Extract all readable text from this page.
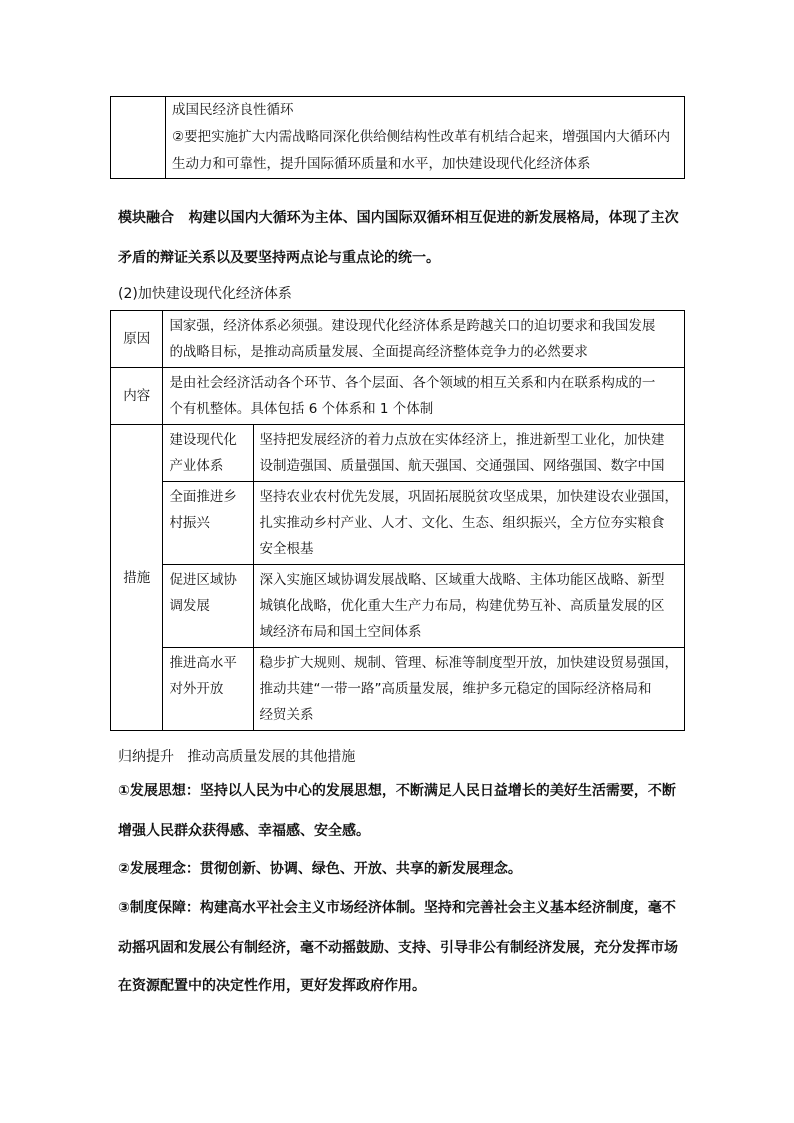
成国民经济良性循环
②要把实施扩大内需战略同深化供给侧结构性改革有机结合起来，增强国内大循环内
生动力和可靠性，提升国际循环质量和水平，加快建设现代化经济体系
模块融合 构建以国内大循环为主体、国内国际双循环相互促进的新发展格局，体现了主次
矛盾的辩证关系以及要坚持两点论与重点论的统一。
(2)加快建设现代化经济体系
原因	国家强，经济体系必须强。建设现代化经济体系是跨越关口的迫切要求和我国发展
的战略目标，是推动高质量发展、全面提高经济整体竞争力的必然要求	

内容	是由社会经济活动各个环节、各个层面、各个领域的相互关系和内在联系构成的一
个有机整体。具体包括 6 个体系和 1 个体制	

措施	建设现代化
产业体系	坚持把发展经济的着力点放在实体经济上，推进新型工业化，加快建
设制造强国、质量强国、航天强国、交通强国、网络强国、数字中国

	全面推进乡
村振兴	坚持农业农村优先发展，巩固拓展脱贫攻坚成果，加快建设农业强国，
扎实推动乡村产业、人才、文化、生态、组织振兴，全方位夯实粮食
安全根基

	促进区域协
调发展	深入实施区域协调发展战略、区域重大战略、主体功能区战略、新型
城镇化战略，优化重大生产力布局，构建优势互补、高质量发展的区
域经济布局和国土空间体系

	推进高水平
对外开放	稳步扩大规则、规制、管理、标准等制度型开放，加快建设贸易强国，
推动共建“一带一路”高质量发展，维护多元稳定的国际经济格局和
经贸关系
归纳提升 推动高质量发展的其他措施
①发展思想：坚持以人民为中心的发展思想，不断满足人民日益增长的美好生活需要，不断
增强人民群众获得感、幸福感、安全感。
②发展理念：贯彻创新、协调、绿色、开放、共享的新发展理念。
③制度保障：构建高水平社会主义市场经济体制。坚持和完善社会主义基本经济制度，毫不
动摇巩固和发展公有制经济，毫不动摇鼓励、支持、引导非公有制经济发展，充分发挥市场
在资源配置中的决定性作用，更好发挥政府作用。
